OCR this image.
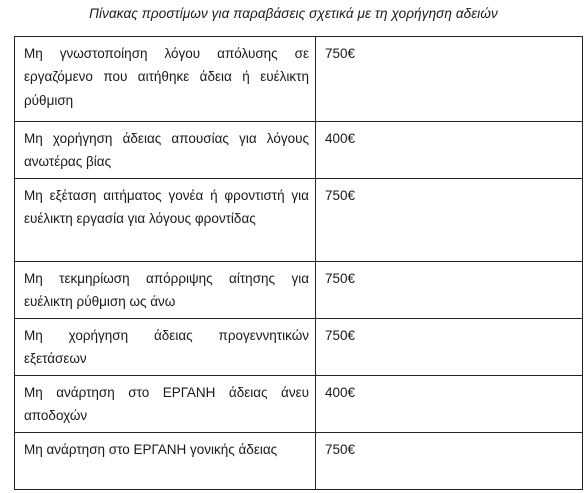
Πίνακας προστίμων για παραβάσεις σχετικά με τη χορήγηση αδειών
Μη γνωστοποίηση λόγου απόλυσης σε εργαζόμενο που αιτήθηκε άδεια ή ευέλικτη ρύθμιση	750€
Μη χορήγηση άδειας απουσίας για λόγους ανωτέρας βίας	400€
Μη εξέταση αιτήματος γονέα ή φροντιστή για ευέλικτη εργασία για λόγους φροντίδας	750€
Μη τεκμηρίωση απόρριψης αίτησης για ευέλικτη ρύθμιση ως άνω	750€
Μη χορήγηση άδειας προγεννητικών εξετάσεων	750€
Μη ανάρτηση στο ΕΡΓΑΝΗ άδειας άνευ αποδοχών	400€
Μη ανάρτηση στο ΕΡΓΑΝΗ γονικής άδειας	750€
